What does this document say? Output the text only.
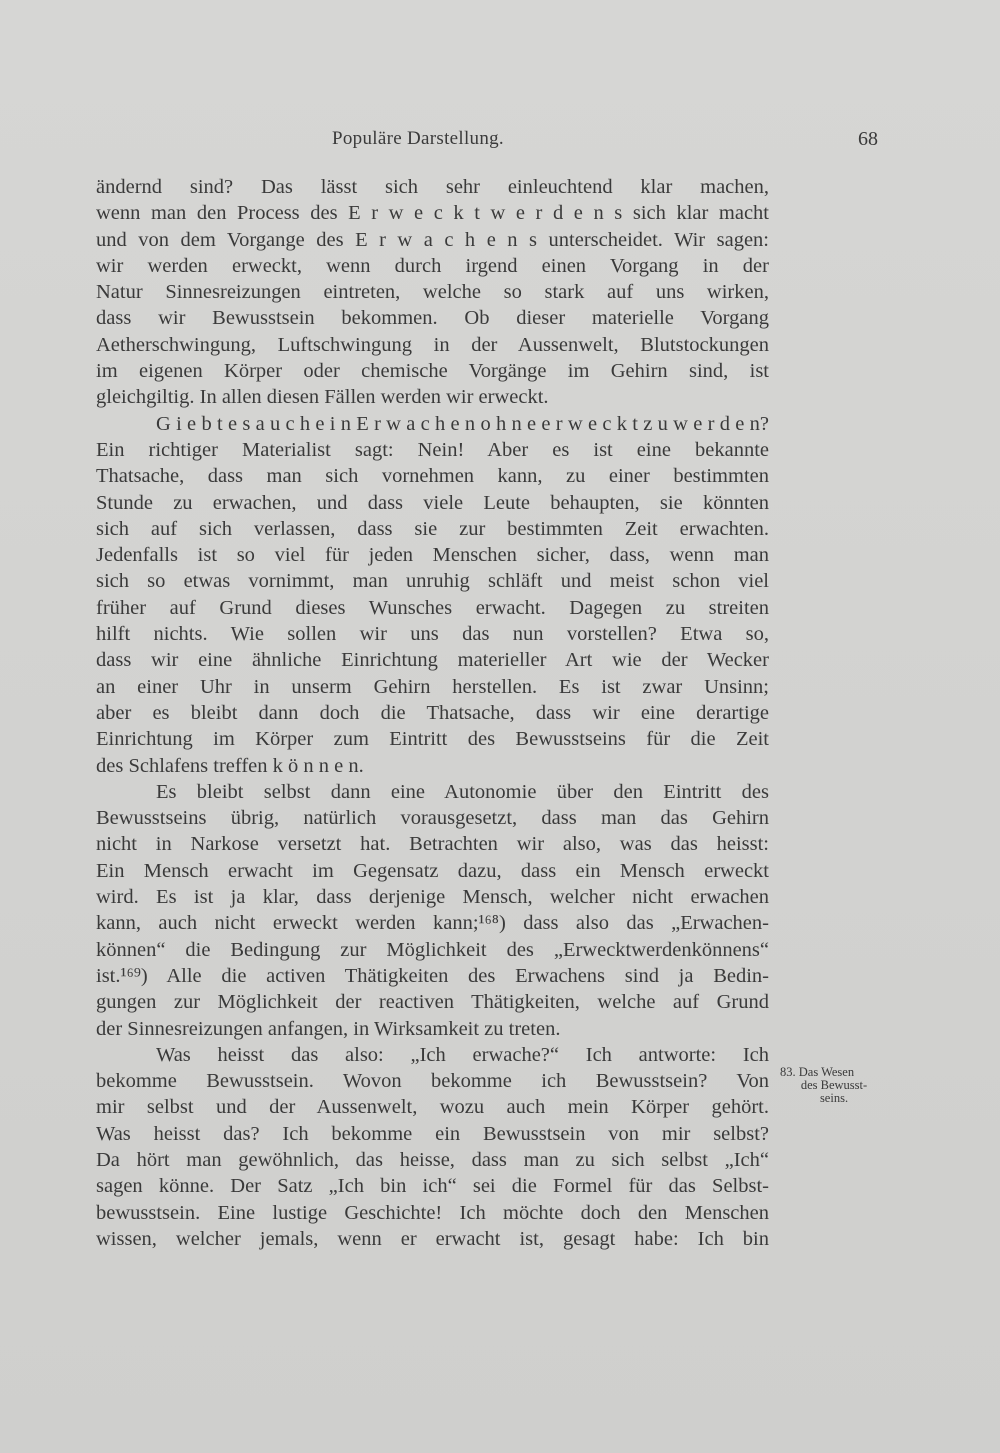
Populäre Darstellung.	68
ändernd sind? Das lässt sich sehr einleuchtend klar machen,
wenn man den Process des E r w e c k t w e r d e n s sich klar macht
und von dem Vorgange des E r w a c h e n s unterscheidet. Wir sagen:
wir werden erweckt, wenn durch irgend einen Vorgang in der
Natur Sinnesreizungen eintreten, welche so stark auf uns wirken,
dass wir Bewusstsein bekommen. Ob dieser materielle Vorgang
Aetherschwingung, Luftschwingung in der Aussenwelt, Blutstockungen
im eigenen Körper oder chemische Vorgänge im Gehirn sind, ist
gleichgiltig. In allen diesen Fällen werden wir erweckt.
G i e b t e s a u c h e i n E r w a c h e n o h n e e r w e c k t z u w e r d e n?
Ein richtiger Materialist sagt: Nein! Aber es ist eine bekannte
Thatsache, dass man sich vornehmen kann, zu einer bestimmten
Stunde zu erwachen, und dass viele Leute behaupten, sie könnten
sich auf sich verlassen, dass sie zur bestimmten Zeit erwachten.
Jedenfalls ist so viel für jeden Menschen sicher, dass, wenn man
sich so etwas vornimmt, man unruhig schläft und meist schon viel
früher auf Grund dieses Wunsches erwacht. Dagegen zu streiten
hilft nichts. Wie sollen wir uns das nun vorstellen? Etwa so,
dass wir eine ähnliche Einrichtung materieller Art wie der Wecker
an einer Uhr in unserm Gehirn herstellen. Es ist zwar Unsinn;
aber es bleibt dann doch die Thatsache, dass wir eine derartige
Einrichtung im Körper zum Eintritt des Bewusstseins für die Zeit
des Schlafens treffen k ö n n e n.
Es bleibt selbst dann eine Autonomie über den Eintritt des
Bewusstseins übrig, natürlich vorausgesetzt, dass man das Gehirn
nicht in Narkose versetzt hat. Betrachten wir also, was das heisst:
Ein Mensch erwacht im Gegensatz dazu, dass ein Mensch erweckt
wird. Es ist ja klar, dass derjenige Mensch, welcher nicht erwachen
kann, auch nicht erweckt werden kann;¹⁶⁸) dass also das „Erwachen-
können“ die Bedingung zur Möglichkeit des „Erwecktwerdenkönnens“
ist.¹⁶⁹) Alle die activen Thätigkeiten des Erwachens sind ja Bedin-
gungen zur Möglichkeit der reactiven Thätigkeiten, welche auf Grund
der Sinnesreizungen anfangen, in Wirksamkeit zu treten.
Was heisst das also: „Ich erwache?“ Ich antworte: Ich
bekomme Bewusstsein. Wovon bekomme ich Bewusstsein? Von
mir selbst und der Aussenwelt, wozu auch mein Körper gehört.
Was heisst das? Ich bekomme ein Bewusstsein von mir selbst?
Da hört man gewöhnlich, das heisse, dass man zu sich selbst „Ich“
sagen könne. Der Satz „Ich bin ich“ sei die Formel für das Selbst-
bewusstsein. Eine lustige Geschichte! Ich möchte doch den Menschen
wissen, welcher jemals, wenn er erwacht ist, gesagt habe: Ich bin
83. Das Wesen
des Bewusst-
seins.
